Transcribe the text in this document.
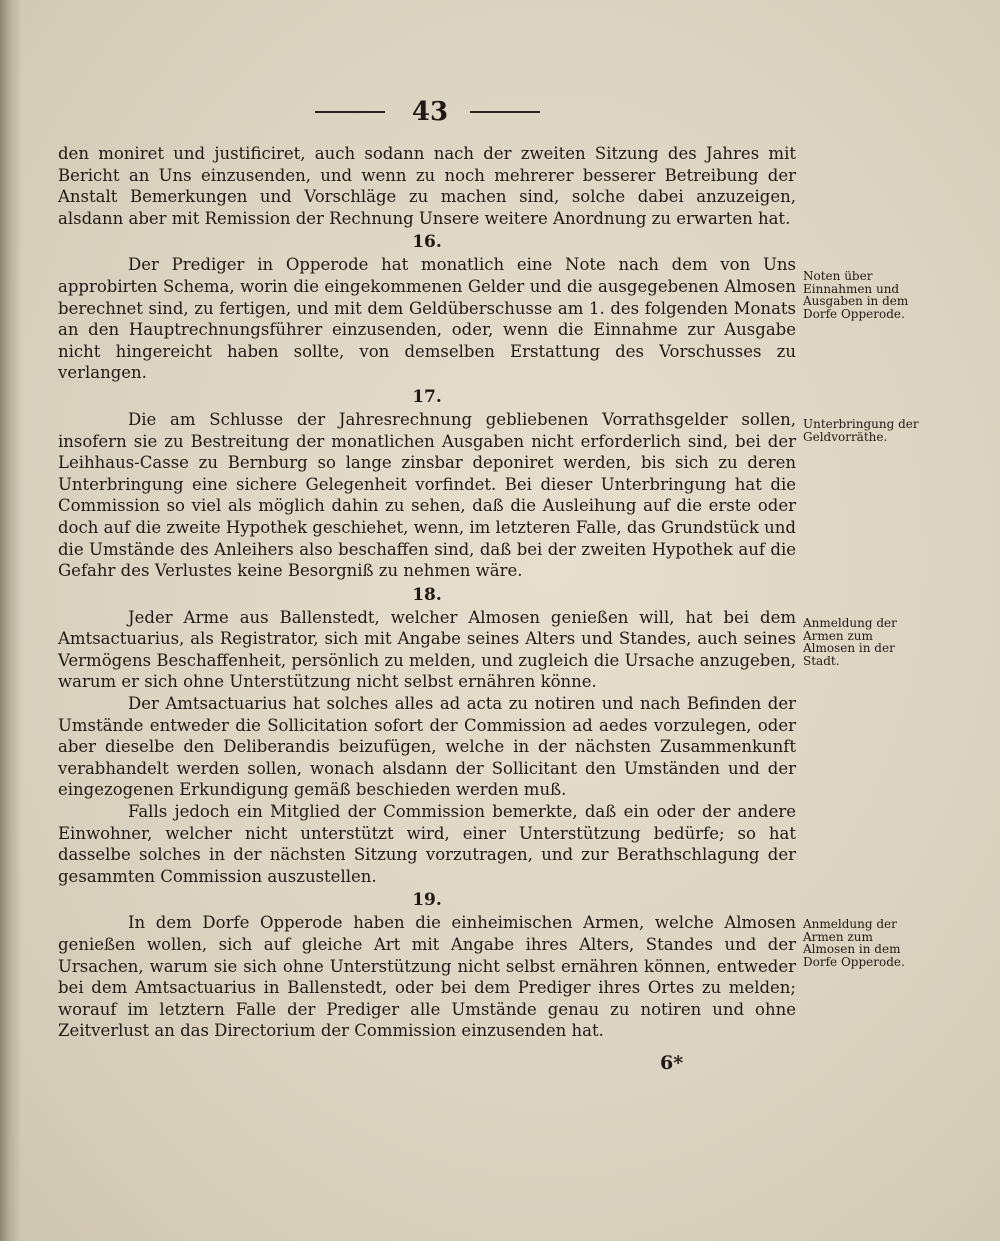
43

den moniret und justificiret, auch sodann nach der zweiten Sitzung des Jahres mit Bericht an Uns einzusenden, und wenn zu noch mehrerer besserer Betreibung der Anstalt Bemerkungen und Vorschläge zu machen sind, solche dabei anzuzeigen, alsdann aber mit Remission der Rechnung Unsere weitere Anordnung zu erwarten hat.

16.

Der Prediger in Opperode hat monatlich eine Note nach dem von Uns approbirten Schema, worin die eingekommenen Gelder und die ausgegebenen Almosen berechnet sind, zu fertigen, und mit dem Geldüberschusse am 1. des folgenden Monats an den Hauptrechnungsführer einzusenden, oder, wenn die Einnahme zur Ausgabe nicht hingereicht haben sollte, von demselben Erstattung des Vorschusses zu verlangen.

17.

Die am Schlusse der Jahresrechnung gebliebenen Vorrathsgelder sollen, insofern sie zu Bestreitung der monatlichen Ausgaben nicht erforderlich sind, bei der Leihhaus-Casse zu Bernburg so lange zinsbar deponiret werden, bis sich zu deren Unterbringung eine sichere Gelegenheit vorfindet. Bei dieser Unterbringung hat die Commission so viel als möglich dahin zu sehen, daß die Ausleihung auf die erste oder doch auf die zweite Hypothek geschiehet, wenn, im letzteren Falle, das Grundstück und die Umstände des Anleihers also beschaffen sind, daß bei der zweiten Hypothek auf die Gefahr des Verlustes keine Besorgniß zu nehmen wäre.

18.

Jeder Arme aus Ballenstedt, welcher Almosen genießen will, hat bei dem Amtsactuarius, als Registrator, sich mit Angabe seines Alters und Standes, auch seines Vermögens Beschaffenheit, persönlich zu melden, und zugleich die Ursache anzugeben, warum er sich ohne Unterstützung nicht selbst ernähren könne.

Der Amtsactuarius hat solches alles ad acta zu notiren und nach Befinden der Umstände entweder die Sollicitation sofort der Commission ad aedes vorzulegen, oder aber dieselbe den Deliberandis beizufügen, welche in der nächsten Zusammenkunft verabhandelt werden sollen, wonach alsdann der Sollicitant den Umständen und der eingezogenen Erkundigung gemäß beschieden werden muß.

Falls jedoch ein Mitglied der Commission bemerkte, daß ein oder der andere Einwohner, welcher nicht unterstützt wird, einer Unterstützung bedürfe; so hat dasselbe solches in der nächsten Sitzung vorzutragen, und zur Berathschlagung der gesammten Commission auszustellen.

19.

In dem Dorfe Opperode haben die einheimischen Armen, welche Almosen genießen wollen, sich auf gleiche Art mit Angabe ihres Alters, Standes und der Ursachen, warum sie sich ohne Unterstützung nicht selbst ernähren können, entweder bei dem Amtsactuarius in Ballenstedt, oder bei dem Prediger ihres Ortes zu melden; worauf im letztern Falle der Prediger alle Umstände genau zu notiren und ohne Zeitverlust an das Directorium der Commission einzusenden hat.

Noten über Einnahmen und Ausgaben in dem Dorfe Opperode.
Unterbringung der Geldvorräthe.
Anmeldung der Armen zum Almosen in der Stadt.
Anmeldung der Armen zum Almosen in dem Dorfe Opperode.
6*
